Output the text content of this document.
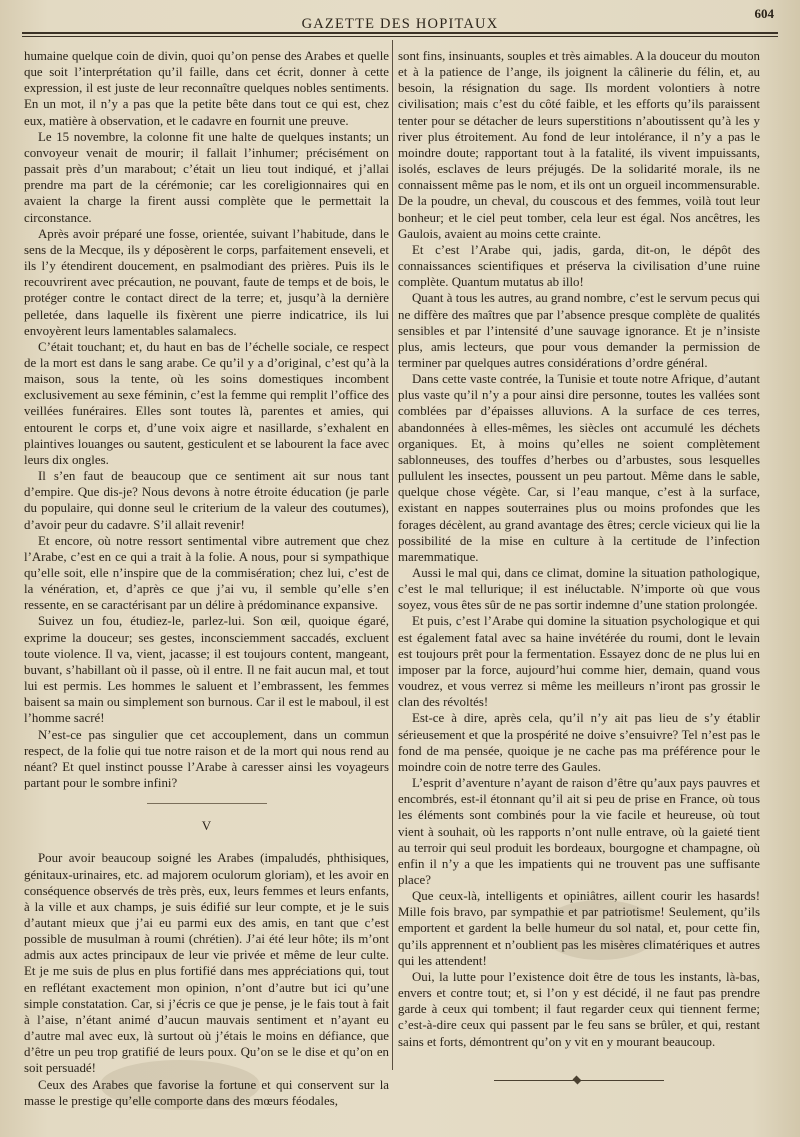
GAZETTE DES HOPITAUX
604

humaine quelque coin de divin, quoi qu’on pense des Arabes et quelle que soit l’interprétation qu’il faille, dans cet écrit, donner à cette expression, il est juste de leur reconnaître quelques nobles sentiments. En un mot, il n’y a pas que la petite bête dans tout ce qui est, chez eux, matière à observation, et le cadavre en fournit une preuve.

Le 15 novembre, la colonne fit une halte de quelques instants; un convoyeur venait de mourir; il fallait l’inhumer; précisément on passait près d’un marabout; c’était un lieu tout indiqué, et j’allai prendre ma part de la cérémonie; car les coreligionnaires qui en avaient la charge la firent aussi complète que le permettait la circonstance.

Après avoir préparé une fosse, orientée, suivant l’habitude, dans le sens de la Mecque, ils y déposèrent le corps, parfaitement enseveli, et ils l’y étendirent doucement, en psalmodiant des prières. Puis ils le recouvrirent avec précaution, ne pouvant, faute de temps et de bois, le protéger contre le contact direct de la terre; et, jusqu’à la dernière pelletée, dans laquelle ils fixèrent une pierre indicatrice, ils lui envoyèrent leurs lamentables salamalecs.

C’était touchant; et, du haut en bas de l’échelle sociale, ce respect de la mort est dans le sang arabe. Ce qu’il y a d’original, c’est qu’à la maison, sous la tente, où les soins domestiques incombent exclusivement au sexe féminin, c’est la femme qui remplit l’office des veillées funéraires. Elles sont toutes là, parentes et amies, qui entourent le corps et, d’une voix aigre et nasillarde, s’exhalent en plaintives louanges ou sautent, gesticulent et se labourent la face avec leurs dix ongles.

Il s’en faut de beaucoup que ce sentiment ait sur nous tant d’empire. Que dis-je? Nous devons à notre étroite éducation (je parle du populaire, qui donne seul le criterium de la valeur des coutumes), d’avoir peur du cadavre. S’il allait revenir!

Et encore, où notre ressort sentimental vibre autrement que chez l’Arabe, c’est en ce qui a trait à la folie. A nous, pour si sympathique qu’elle soit, elle n’inspire que de la commisération; chez lui, c’est de la vénération, et, d’après ce que j’ai vu, il semble qu’elle s’en ressente, en se caractérisant par un délire à prédominance expansive.

Suivez un fou, étudiez-le, parlez-lui. Son œil, quoique égaré, exprime la douceur; ses gestes, inconsciemment saccadés, excluent toute violence. Il va, vient, jacasse; il est toujours content, mangeant, buvant, s’habillant où il passe, où il entre. Il ne fait aucun mal, et tout lui est permis. Les hommes le saluent et l’embrassent, les femmes baisent sa main ou simplement son burnous. Car il est le maboul, il est l’homme sacré!

N’est-ce pas singulier que cet accouplement, dans un commun respect, de la folie qui tue notre raison et de la mort qui nous rend au néant? Et quel instinct pousse l’Arabe à caresser ainsi les voyageurs partant pour le sombre infini?

V

Pour avoir beaucoup soigné les Arabes (impaludés, phthisiques, génitaux-urinaires, etc. ad majorem oculorum gloriam), et les avoir en conséquence observés de très près, eux, leurs femmes et leurs enfants, à la ville et aux champs, je suis édifié sur leur compte, et je le suis d’autant mieux que j’ai eu parmi eux des amis, en tant que c’est possible de musulman à roumi (chrétien). J’ai été leur hôte; ils m’ont admis aux actes principaux de leur vie privée et même de leur culte. Et je me suis de plus en plus fortifié dans mes appréciations qui, tout en reflétant exactement mon opinion, n’ont d’autre but ici qu’une simple constatation. Car, si j’écris ce que je pense, je le fais tout à fait à l’aise, n’étant animé d’aucun mauvais sentiment et n’ayant eu d’autre mal avec eux, là surtout où j’étais le moins en défiance, que d’être un peu trop gratifié de leurs poux. Qu’on se le dise et qu’on en soit persuadé!

Ceux des Arabes que favorise la fortune et qui conservent sur la masse le prestige qu’elle comporte dans des mœurs féodales,

sont fins, insinuants, souples et très aimables. A la douceur du mouton et à la patience de l’ange, ils joignent la câlinerie du félin, et, au besoin, la résignation du sage. Ils mordent volontiers à notre civilisation; mais c’est du côté faible, et les efforts qu’ils paraissent tenter pour se détacher de leurs superstitions n’aboutissent qu’à les y river plus étroitement. Au fond de leur intolérance, il n’y a pas le moindre doute; rapportant tout à la fatalité, ils vivent impuissants, isolés, esclaves de leurs préjugés. De la solidarité morale, ils ne connaissent même pas le nom, et ils ont un orgueil incommensurable. De la poudre, un cheval, du couscous et des femmes, voilà tout leur bonheur; et le ciel peut tomber, cela leur est égal. Nos ancêtres, les Gaulois, avaient au moins cette crainte.

Et c’est l’Arabe qui, jadis, garda, dit-on, le dépôt des connaissances scientifiques et préserva la civilisation d’une ruine complète. Quantum mutatus ab illo!

Quant à tous les autres, au grand nombre, c’est le servum pecus qui ne diffère des maîtres que par l’absence presque complète de qualités sensibles et par l’intensité d’une sauvage ignorance. Et je n’insiste plus, amis lecteurs, que pour vous demander la permission de terminer par quelques autres considérations d’ordre général.

Dans cette vaste contrée, la Tunisie et toute notre Afrique, d’autant plus vaste qu’il n’y a pour ainsi dire personne, toutes les vallées sont comblées par d’épaisses alluvions. A la surface de ces terres, abandonnées à elles-mêmes, les siècles ont accumulé les déchets organiques. Et, à moins qu’elles ne soient complètement sablonneuses, des touffes d’herbes ou d’arbustes, sous lesquelles pullulent les insectes, poussent un peu partout. Même dans le sable, quelque chose végète. Car, si l’eau manque, c’est à la surface, existant en nappes souterraines plus ou moins profondes que les forages décèlent, au grand avantage des êtres; cercle vicieux qui lie la possibilité de la mise en culture à la certitude de l’infection maremmatique.

Aussi le mal qui, dans ce climat, domine la situation pathologique, c’est le mal tellurique; il est inéluctable. N’importe où que vous soyez, vous êtes sûr de ne pas sortir indemne d’une station prolongée.

Et puis, c’est l’Arabe qui domine la situation psychologique et qui est également fatal avec sa haine invétérée du roumi, dont le levain est toujours prêt pour la fermentation. Essayez donc de ne plus lui en imposer par la force, aujourd’hui comme hier, demain, quand vous voudrez, et vous verrez si même les meilleurs n’iront pas grossir le clan des révoltés!

Est-ce à dire, après cela, qu’il n’y ait pas lieu de s’y établir sérieusement et que la prospérité ne doive s’ensuivre? Tel n’est pas le fond de ma pensée, quoique je ne cache pas ma préférence pour le moindre coin de notre terre des Gaules.

L’esprit d’aventure n’ayant de raison d’être qu’aux pays pauvres et encombrés, est-il étonnant qu’il ait si peu de prise en France, où tous les éléments sont combinés pour la vie facile et heureuse, où tout vient à souhait, où les rapports n’ont nulle entrave, où la gaieté tient au terroir qui seul produit les bordeaux, bourgogne et champagne, où enfin il n’y a que les impatients qui ne trouvent pas une suffisante place?

Que ceux-là, intelligents et opiniâtres, aillent courir les hasards! Mille fois bravo, par sympathie et par patriotisme! Seulement, qu’ils emportent et gardent la belle humeur du sol natal, et, pour cette fin, qu’ils apprennent et n’oublient pas les misères climatériques et autres qui les attendent!

Oui, la lutte pour l’existence doit être de tous les instants, là-bas, envers et contre tout; et, si l’on y est décidé, il ne faut pas prendre garde à ceux qui tombent; il faut regarder ceux qui tiennent ferme; c’est-à-dire ceux qui passent par le feu sans se brûler, et qui, restant sains et forts, démontrent qu’on y vit en y mourant beaucoup.
